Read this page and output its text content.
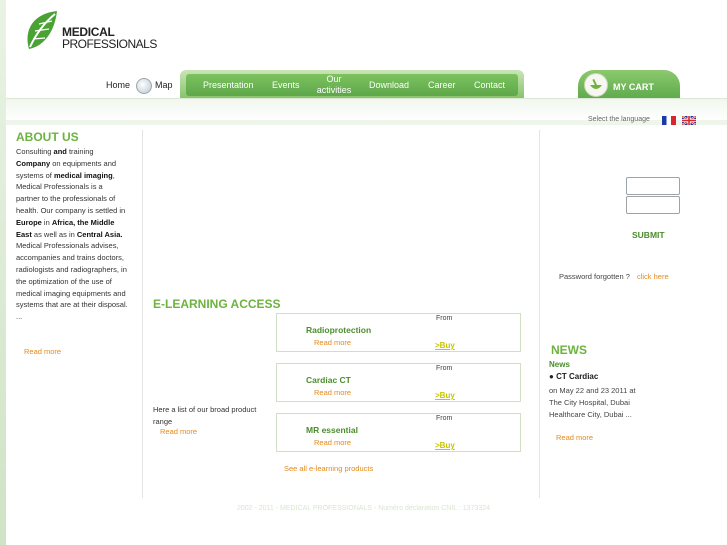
MEDICAL
PROFESSIONALS
Home	Map	Presentation Events
Our activities	Download Career Contact	MY CART
Select the language
ABOUT US
Consulting and training Company on equipments and systems of medical imaging, Medical Professionals is a partner to the professionals of health. Our company is settled in Europe in Africa, the Middle East as well as in Central Asia. Medical Professionals advises, accompanies and trains doctors, radiologists and radiographers, in the optimization of the use of medical imaging equipments and systems that are at their disposal. ...
Read more
E-LEARNING ACCESS
Here a list of our broad product range
Read more
From
Radioprotection
Read more	>Buy
From
Cardiac CT
Read more	>Buy
From
MR essential
Read more	>Buy
See all e-learning products
SUBMIT
Password forgotten ? click here
NEWS
News
● CT Cardiac
on May 22 and 23 2011 at The City Hospital, Dubai Healthcare City, Dubai ...
Read more
2002 - 2011 - MEDICAL PROFESSIONALS - Numéro déclaration CNIL : 1373324
